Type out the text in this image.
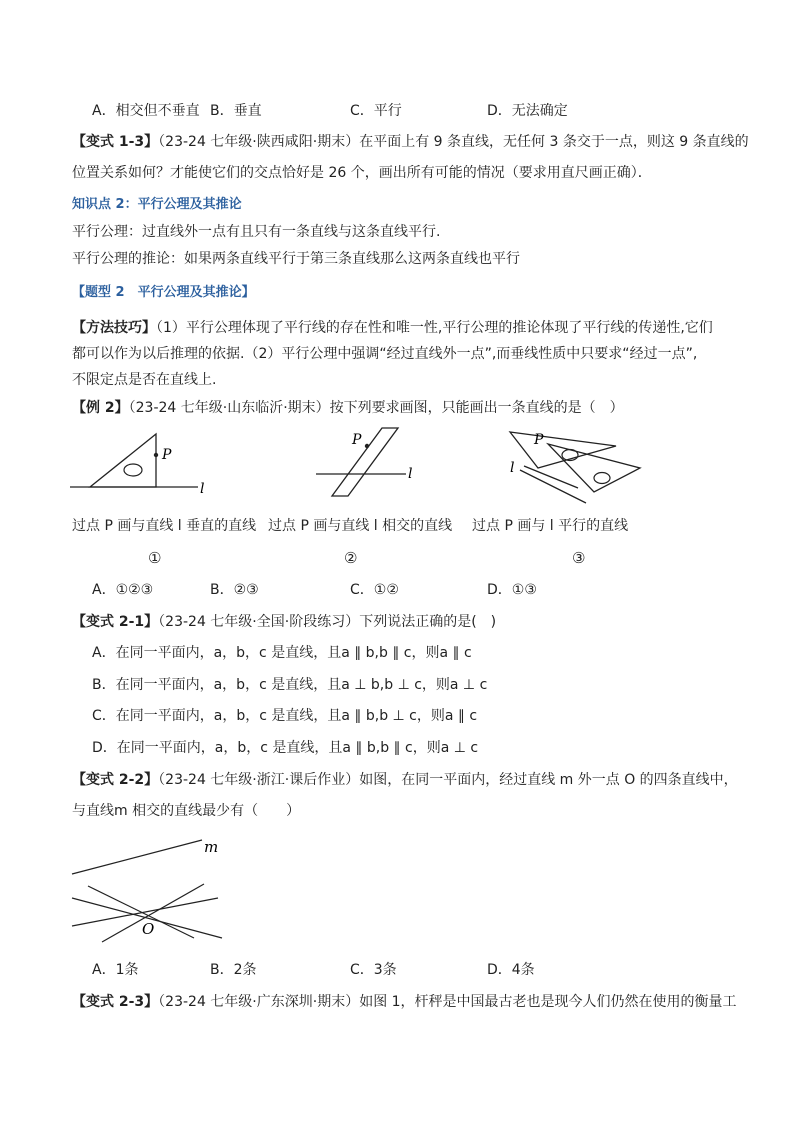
A．相交但不垂直 B．垂直	C．平行	D．无法确定
【变式 1-3】（23-24 七年级·陕西咸阳·期末）在平面上有 9 条直线，无任何 3 条交于一点，则这 9 条直线的
位置关系如何？才能使它们的交点恰好是 26 个，画出所有可能的情况（要求用直尺画正确）．
知识点 2：平行公理及其推论
平行公理：过直线外一点有且只有一条直线与这条直线平行.
平行公理的推论：如果两条直线平行于第三条直线那么这两条直线也平行
【题型 2　平行公理及其推论】
【方法技巧】（1）平行公理体现了平行线的存在性和唯一性,平行公理的推论体现了平行线的传递性,它们
都可以作为以后推理的依据.（2）平行公理中强调“经过直线外一点”,而垂线性质中只要求“经过一点”,
不限定点是否在直线上.
【例 2】（23-24 七年级·山东临沂·期末）按下列要求画图，只能画出一条直线的是（　）
P
l
P
l
P
l
过点 P 画与直线 l 垂直的直线 过点 P 画与直线 l 相交的直线 过点 P 画与 l 平行的直线
①	②	③
A．①②③	B．②③	C．①②	D．①③
【变式 2-1】（23-24 七年级·全国·阶段练习）下列说法正确的是(　)
A．在同一平面内，a，b，c 是直线，且a ∥ b,b ∥ c，则a ∥ c
B．在同一平面内，a，b，c 是直线，且a ⊥ b,b ⊥ c，则a ⊥ c
C．在同一平面内，a，b，c 是直线，且a ∥ b,b ⊥ c，则a ∥ c
D．在同一平面内，a，b，c 是直线，且a ∥ b,b ∥ c，则a ⊥ c
【变式 2-2】（23-24 七年级·浙江·课后作业）如图，在同一平面内，经过直线 m 外一点 O 的四条直线中，
与直线m 相交的直线最少有（　　）
m
O
A．1条	B．2条	C．3条	D．4条
【变式 2-3】（23-24 七年级·广东深圳·期末）如图 1，杆秤是中国最古老也是现今人们仍然在使用的衡量工
